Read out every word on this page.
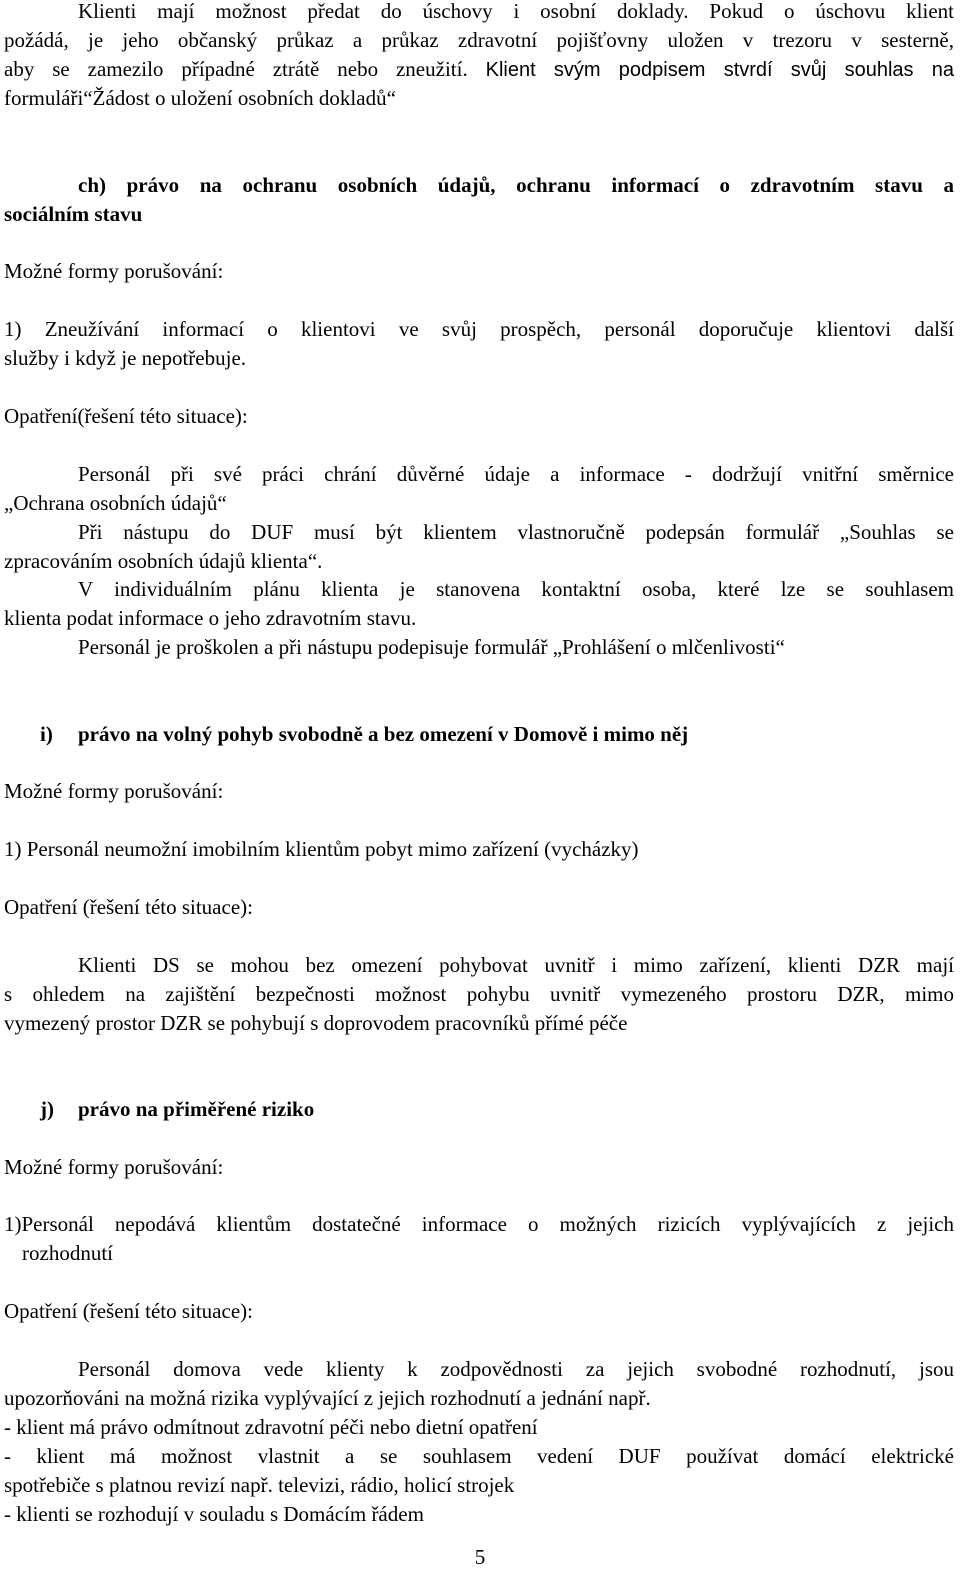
Klienti mají možnost předat do úschovy i osobní doklady. Pokud o úschovu klient
požádá, je jeho občanský průkaz a průkaz zdravotní pojišťovny uložen v trezoru v sesterně,
aby se zamezilo případné ztrátě nebo zneužití. Klient svým podpisem stvrdí svůj souhlas na
formuláři“Žádost o uložení osobních dokladů“
ch) právo na ochranu osobních údajů, ochranu informací o zdravotním stavu a
sociálním stavu
Možné formy porušování:
1) Zneužívání informací o klientovi ve svůj prospěch, personál doporučuje klientovi další
služby i když je nepotřebuje.
Opatření(řešení této situace):
Personál při své práci chrání důvěrné údaje a informace - dodržují vnitřní směrnice
„Ochrana osobních údajů“
Při nástupu do DUF musí být klientem vlastnoručně podepsán formulář „Souhlas se
zpracováním osobních údajů klienta“.
V individuálním plánu klienta je stanovena kontaktní osoba, které lze se souhlasem
klienta podat informace o jeho zdravotním stavu.
Personál je proškolen a při nástupu podepisuje formulář „Prohlášení o mlčenlivosti“
i) právo na volný pohyb svobodně a bez omezení v Domově i mimo něj
Možné formy porušování:
1) Personál neumožní imobilním klientům pobyt mimo zařízení (vycházky)
Opatření (řešení této situace):
Klienti DS se mohou bez omezení pohybovat uvnitř i mimo zařízení, klienti DZR mají
s ohledem na zajištění bezpečnosti možnost pohybu uvnitř vymezeného prostoru DZR, mimo
vymezený prostor DZR se pohybují s doprovodem pracovníků přímé péče
j) právo na přiměřené riziko
Možné formy porušování:
1)Personál nepodává klientům dostatečné informace o možných rizicích vyplývajících z jejich
rozhodnutí
Opatření (řešení této situace):
Personál domova vede klienty k zodpovědnosti za jejich svobodné rozhodnutí, jsou
upozorňováni na možná rizika vyplývající z jejich rozhodnutí a jednání např.
- klient má právo odmítnout zdravotní péči nebo dietní opatření
- klient má možnost vlastnit a se souhlasem vedení DUF používat domácí elektrické
spotřebiče s platnou revizí např. televizi, rádio, holicí strojek
- klienti se rozhodují v souladu s Domácím řádem
5
